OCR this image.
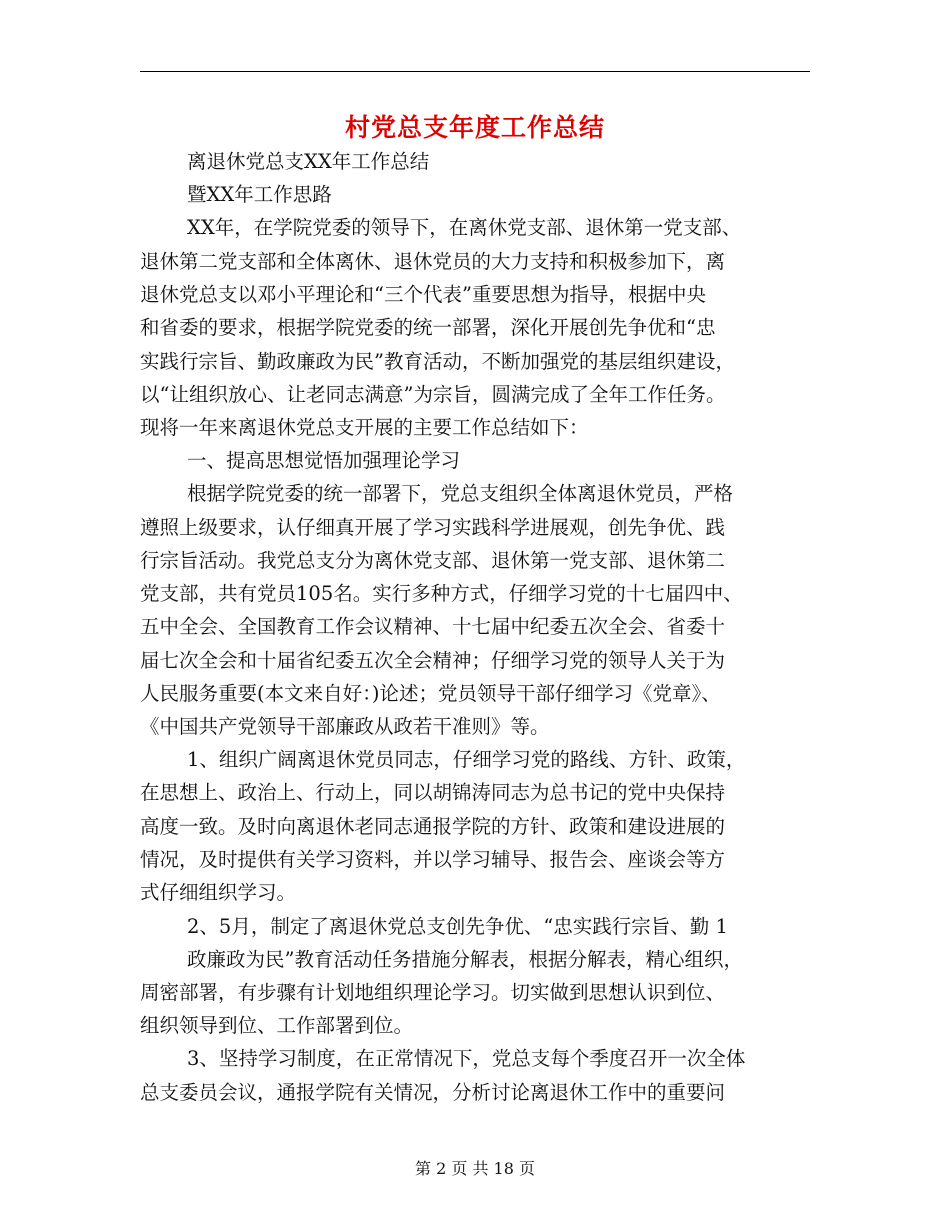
村党总支年度工作总结
离退休党总支XX年工作总结
暨XX年工作思路
XX年，在学院党委的领导下，在离休党支部、退休第一党支部、
退休第二党支部和全体离休、退休党员的大力支持和积极参加下，离
退休党总支以邓小平理论和“三个代表”重要思想为指导，根据中央
和省委的要求，根据学院党委的统一部署，深化开展创先争优和“忠
实践行宗旨、勤政廉政为民”教育活动，不断加强党的基层组织建设，
以“让组织放心、让老同志满意”为宗旨，圆满完成了全年工作任务。
现将一年来离退休党总支开展的主要工作总结如下：
一、提高思想觉悟加强理论学习
根据学院党委的统一部署下，党总支组织全体离退休党员，严格
遵照上级要求，认仔细真开展了学习实践科学进展观，创先争优、践
行宗旨活动。我党总支分为离休党支部、退休第一党支部、退休第二
党支部，共有党员105名。实行多种方式，仔细学习党的十七届四中、
五中全会、全国教育工作会议精神、十七届中纪委五次全会、省委十
届七次全会和十届省纪委五次全会精神；仔细学习党的领导人关于为
人民服务重要(本文来自好：)论述；党员领导干部仔细学习《党章》、
《中国共产党领导干部廉政从政若干准则》等。
1、组织广阔离退休党员同志，仔细学习党的路线、方针、政策，
在思想上、政治上、行动上，同以胡锦涛同志为总书记的党中央保持
高度一致。及时向离退休老同志通报学院的方针、政策和建设进展的
情况，及时提供有关学习资料，并以学习辅导、报告会、座谈会等方
式仔细组织学习。
2、5月，制定了离退休党总支创先争优、“忠实践行宗旨、勤 1
政廉政为民”教育活动任务措施分解表，根据分解表，精心组织，
周密部署，有步骤有计划地组织理论学习。切实做到思想认识到位、
组织领导到位、工作部署到位。
3、坚持学习制度，在正常情况下，党总支每个季度召开一次全体
总支委员会议，通报学院有关情况，分析讨论离退休工作中的重要问
第 2 页 共 18 页
